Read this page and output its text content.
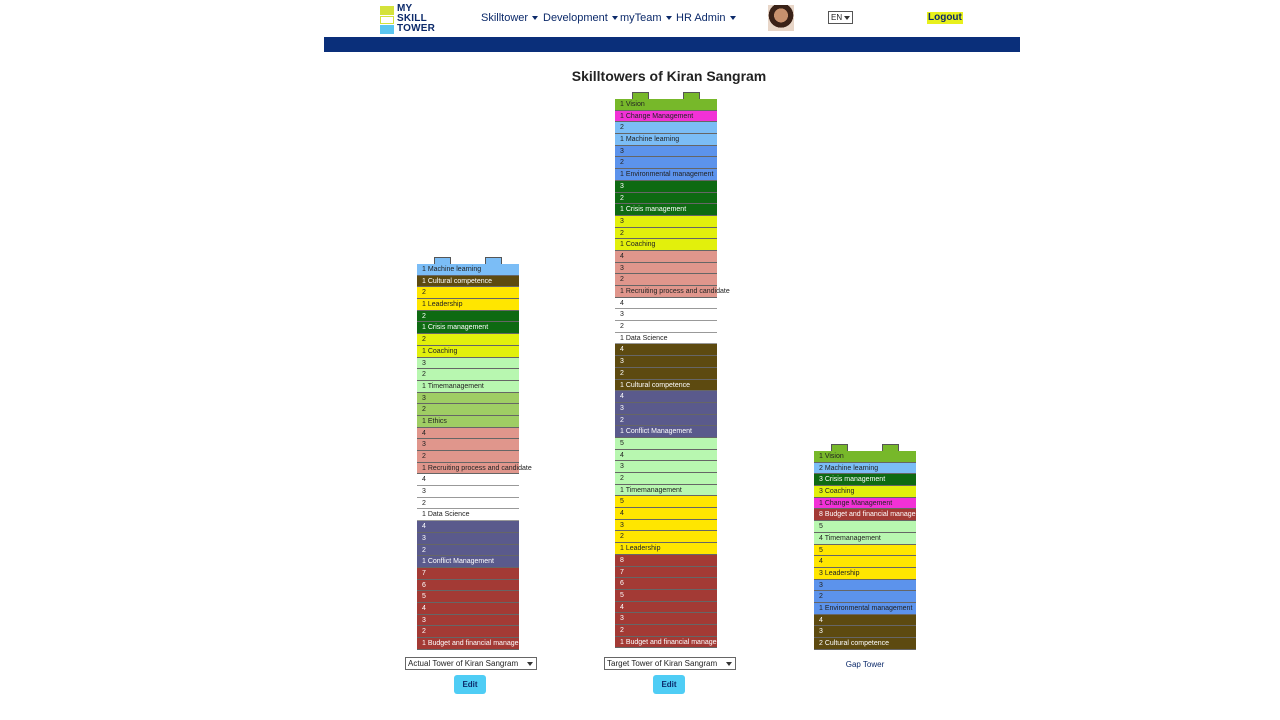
MY
SKILL
TOWER
Skilltower	Development	myTeam	HR Admin	EN	Logout
Skilltowers of Kiran Sangram
1 Machine learning
1 Cultural competence
2
1 Leadership
2
1 Crisis management
2
1 Coaching
3
2
1 Timemanagement
3
2
1 Ethics
4
3
2
1 Recruiting process and candidate
4
3
2
1 Data Science
4
3
2
1 Conflict Management
7
6
5
4
3
2
1 Budget and financial management
1 Vision
1 Change Management
2
1 Machine learning
3
2
1 Environmental management
3
2
1 Crisis management
3
2
1 Coaching
4
3
2
1 Recruiting process and candidate
4
3
2
1 Data Science
4
3
2
1 Cultural competence
4
3
2
1 Conflict Management
5
4
3
2
1 Timemanagement
5
4
3
2
1 Leadership
8
7
6
5
4
3
2
1 Budget and financial management
1 Vision
2 Machine learning
3 Crisis management
3 Coaching
1 Change Management
8 Budget and financial management
5
4 Timemanagement
5
4
3 Leadership
3
2
1 Environmental management
4
3
2 Cultural competence
Actual Tower of Kiran Sangram
Edit
Target Tower of Kiran Sangram
Edit
Gap Tower
